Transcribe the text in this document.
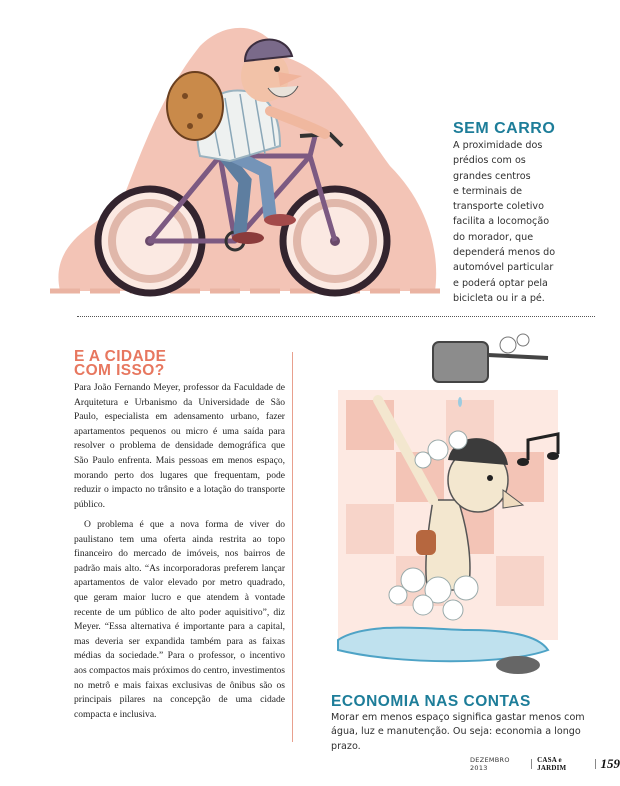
SEM CARRO

A proximidade dos
prédios com os
grandes centros
e terminais de
transporte coletivo
facilita a locomoção
do morador, que
dependerá menos do
automóvel particular
e poderá optar pela
bicicleta ou ir a pé.

E A CIDADE
COM ISSO?

Para João Fernando Meyer, professor da Faculdade de Arquitetura e Urbanismo da Universidade de São Paulo, especialista em adensamento urbano, fazer apartamentos pequenos ou micro é uma saída para resolver o problema de densidade demográfica que São Paulo enfrenta. Mais pessoas em menos espaço, morando perto dos lugares que frequentam, pode reduzir o impacto no trânsito e a lotação do transporte público.

O problema é que a nova forma de viver do paulistano tem uma oferta ainda restrita ao topo financeiro do mercado de imóveis, nos bairros de padrão mais alto. “As incorporadoras preferem lançar apartamentos de valor elevado por metro quadrado, que geram maior lucro e que atendem à vontade recente de um público de alto poder aquisitivo”, diz Meyer. “Essa alternativa é importante para a capital, mas deveria ser expandida também para as faixas médias da sociedade.” Para o professor, o incentivo aos compactos mais próximos do centro, investimentos no metrô e mais faixas exclusivas de ônibus são os principais pilares na concepção de uma cidade compacta e inclusiva.

ECONOMIA NAS CONTAS

Morar em menos espaço significa gastar menos com água, luz e manutenção. Ou seja: economia a longo prazo.

DEZEMBRO 2013
CASA e JARDIM	159
